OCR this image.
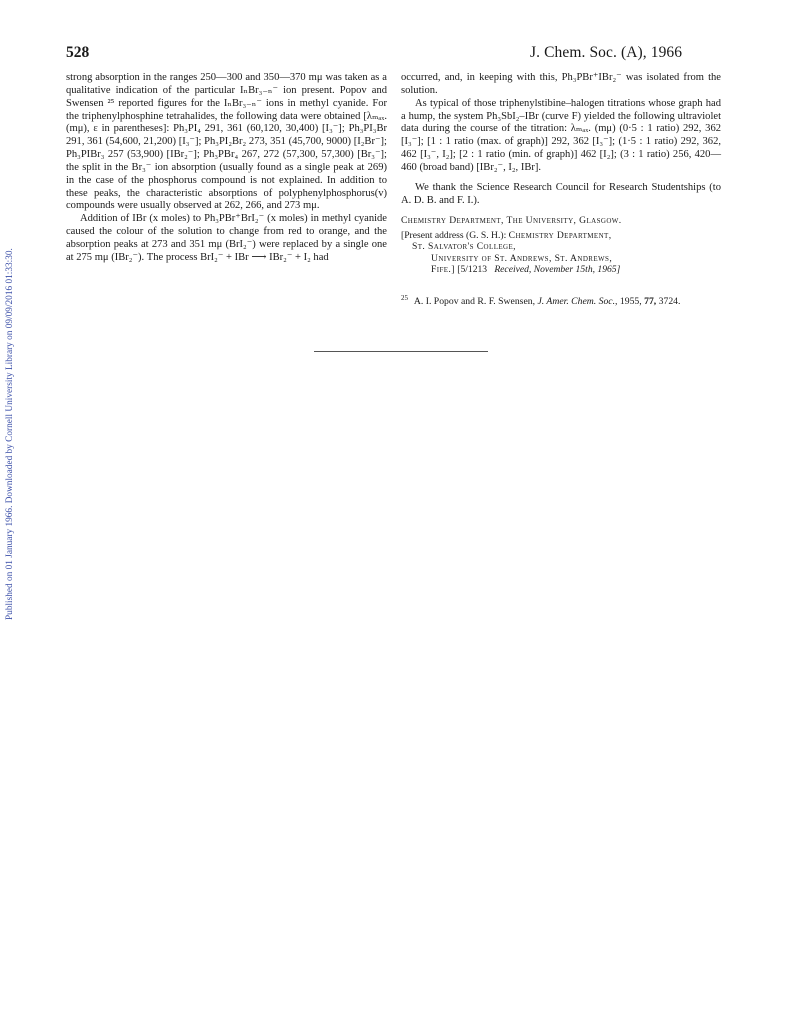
Published on 01 January 1966. Downloaded by Cornell University Library on 09/09/2016 01:33:30.
528	J. Chem. Soc. (A), 1966

strong absorption in the ranges 250—300 and 350—370 mμ was taken as a qualitative indication of the particular IₙBr₃₋ₙ⁻ ion present. Popov and Swensen ²⁵ reported figures for the IₙBr₃₋ₙ⁻ ions in methyl cyanide. For the triphenylphosphine tetrahalides, the following data were obtained [λₘₐₓ. (mμ), ε in parentheses]: Ph₃PI₄ 291, 361 (60,120, 30,400) [I₃⁻]; Ph₃PI₃Br 291, 361 (54,600, 21,200) [I₃⁻]; Ph₃PI₂Br₂ 273, 351 (45,700, 9000) [I₂Br⁻]; Ph₃PIBr₃ 257 (53,900) [IBr₂⁻]; Ph₃PBr₄ 267, 272 (57,300, 57,300) [Br₃⁻]; the split in the Br₃⁻ ion absorption (usually found as a single peak at 269) in the case of the phosphorus compound is not explained. In addition to these peaks, the characteristic absorptions of polyphenylphosphorus(v) compounds were usually observed at 262, 266, and 273 mμ.

Addition of IBr (x moles) to Ph₃PBr⁺BrI₂⁻ (x moles) in methyl cyanide caused the colour of the solution to change from red to orange, and the absorption peaks at 273 and 351 mμ (BrI₂⁻) were replaced by a single one at 275 mμ (IBr₂⁻). The process BrI₂⁻ + IBr ⟶ IBr₂⁻ + I₂ had

occurred, and, in keeping with this, Ph₃PBr⁺IBr₂⁻ was isolated from the solution.

As typical of those triphenylstibine–halogen titrations whose graph had a hump, the system Ph₃SbI₂–IBr (curve F) yielded the following ultraviolet data during the course of the titration: λₘₐₓ. (mμ) (0·5 : 1 ratio) 292, 362 [I₃⁻]; [1 : 1 ratio (max. of graph)] 292, 362 [I₃⁻]; (1·5 : 1 ratio) 292, 362, 462 [I₃⁻, I₂]; [2 : 1 ratio (min. of graph)] 462 [I₂]; (3 : 1 ratio) 256, 420—460 (broad band) [IBr₂⁻, I₂, IBr].

We thank the Science Research Council for Research Studentships (to A. D. B. and F. I.).

Chemistry Department, The University, Glasgow.

[Present address (G. S. H.): Chemistry Department,
St. Salvator's College,
University of St. Andrews, St. Andrews,
Fife.] [5/1213 Received, November 15th, 1965]

$^{25}$ A. I. Popov and R. F. Swensen, J. Amer. Chem. Soc., 1955, 77, 3724.
